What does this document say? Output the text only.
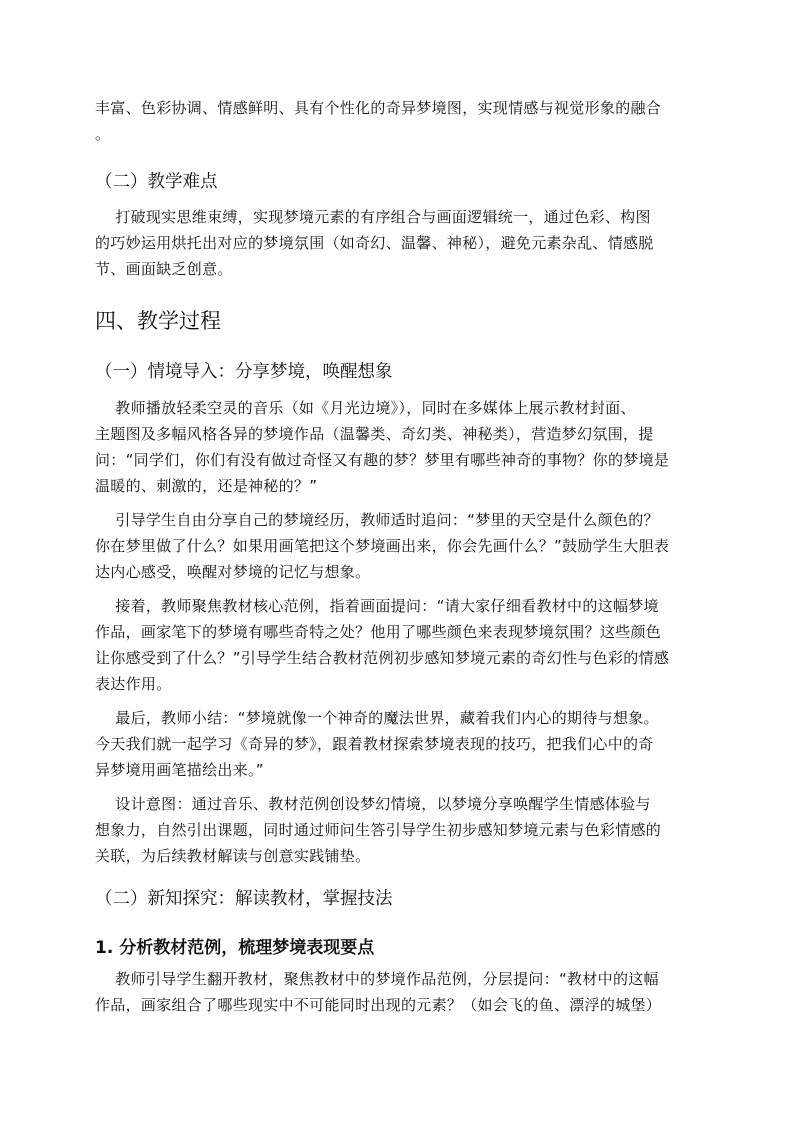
丰富、色彩协调、情感鲜明、具有个性化的奇异梦境图，实现情感与视觉形象的融合
。
（二）教学难点
打破现实思维束缚，实现梦境元素的有序组合与画面逻辑统一，通过色彩、构图
的巧妙运用烘托出对应的梦境氛围（如奇幻、温馨、神秘），避免元素杂乱、情感脱
节、画面缺乏创意。
四、教学过程
（一）情境导入：分享梦境，唤醒想象
教师播放轻柔空灵的音乐（如《月光边境》），同时在多媒体上展示教材封面、
主题图及多幅风格各异的梦境作品（温馨类、奇幻类、神秘类），营造梦幻氛围，提
问：“同学们，你们有没有做过奇怪又有趣的梦？梦里有哪些神奇的事物？你的梦境是
温暖的、刺激的，还是神秘的？”
引导学生自由分享自己的梦境经历，教师适时追问：“梦里的天空是什么颜色的？
你在梦里做了什么？如果用画笔把这个梦境画出来，你会先画什么？”鼓励学生大胆表
达内心感受，唤醒对梦境的记忆与想象。
接着，教师聚焦教材核心范例，指着画面提问：“请大家仔细看教材中的这幅梦境
作品，画家笔下的梦境有哪些奇特之处？他用了哪些颜色来表现梦境氛围？这些颜色
让你感受到了什么？”引导学生结合教材范例初步感知梦境元素的奇幻性与色彩的情感
表达作用。
最后，教师小结：“梦境就像一个神奇的魔法世界，藏着我们内心的期待与想象。
今天我们就一起学习《奇异的梦》，跟着教材探索梦境表现的技巧，把我们心中的奇
异梦境用画笔描绘出来。”
设计意图：通过音乐、教材范例创设梦幻情境，以梦境分享唤醒学生情感体验与
想象力，自然引出课题，同时通过师问生答引导学生初步感知梦境元素与色彩情感的
关联，为后续教材解读与创意实践铺垫。
（二）新知探究：解读教材，掌握技法
1. 分析教材范例，梳理梦境表现要点
教师引导学生翻开教材，聚焦教材中的梦境作品范例，分层提问：“教材中的这幅
作品，画家组合了哪些现实中不可能同时出现的元素？（如会飞的鱼、漂浮的城堡）
